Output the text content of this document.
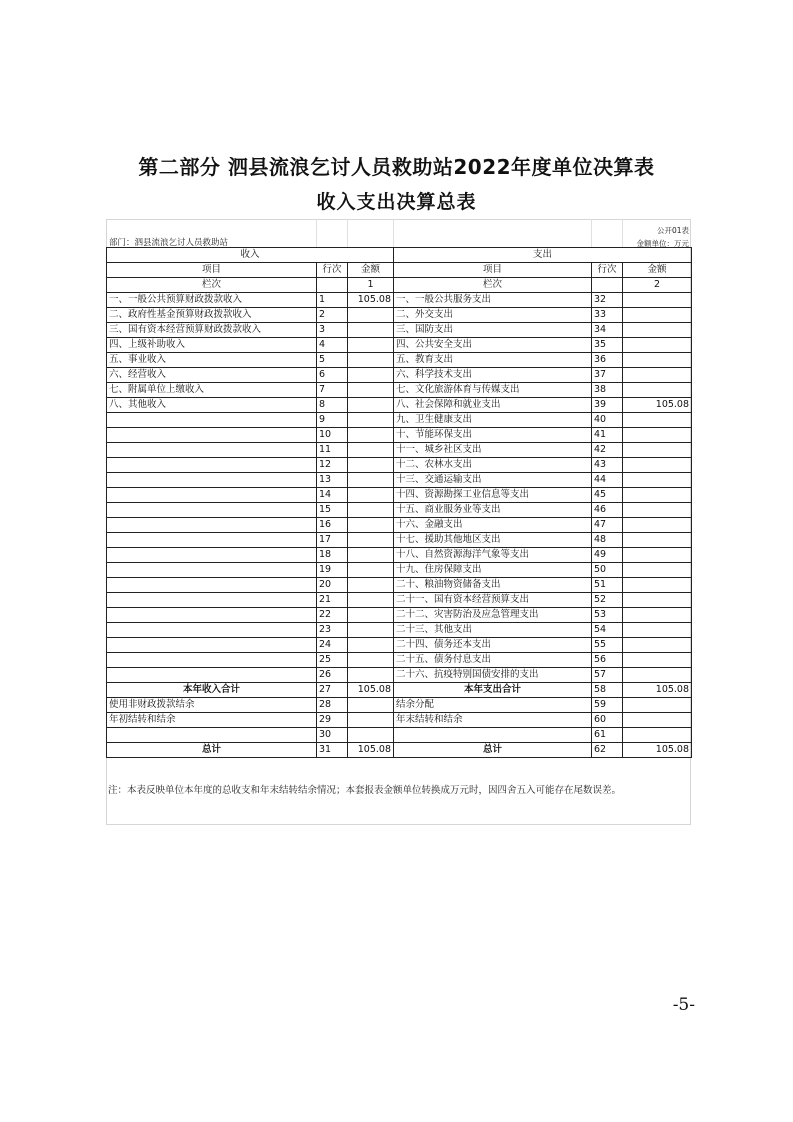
第二部分 泗县流浪乞讨人员救助站2022年度单位决算表
收入支出决算总表
公开01表
部门：泗县流浪乞讨人员救助站	金额单位：万元
收入			支出		
项目	行次	金额	项目	行次	金额
栏次		1	栏次		2
一、一般公共预算财政拨款收入	1	105.08	一、一般公共服务支出	32	
二、政府性基金预算财政拨款收入	2		二、外交支出	33	
三、国有资本经营预算财政拨款收入	3		三、国防支出	34	
四、上级补助收入	4		四、公共安全支出	35	
五、事业收入	5		五、教育支出	36	
六、经营收入	6		六、科学技术支出	37	
七、附属单位上缴收入	7		七、文化旅游体育与传媒支出	38	
八、其他收入	8		八、社会保障和就业支出	39	105.08
	9		九、卫生健康支出	40	
	10		十、节能环保支出	41	
	11		十一、城乡社区支出	42	
	12		十二、农林水支出	43	
	13		十三、交通运输支出	44	
	14		十四、资源勘探工业信息等支出	45	
	15		十五、商业服务业等支出	46	
	16		十六、金融支出	47	
	17		十七、援助其他地区支出	48	
	18		十八、自然资源海洋气象等支出	49	
	19		十九、住房保障支出	50	
	20		二十、粮油物资储备支出	51	
	21		二十一、国有资本经营预算支出	52	
	22		二十二、灾害防治及应急管理支出	53	
	23		二十三、其他支出	54	
	24		二十四、债务还本支出	55	
	25		二十五、债务付息支出	56	
	26		二十六、抗疫特别国债安排的支出	57	
本年收入合计	27	105.08	本年支出合计	58	105.08
使用非财政拨款结余	28		结余分配	59	
年初结转和结余	29		年末结转和结余	60	
	30			61	
总计	31	105.08	总计	62	105.08
注：本表反映单位本年度的总收支和年末结转结余情况；本套报表金额单位转换成万元时，因四舍五入可能存在尾数误差。
-5-
